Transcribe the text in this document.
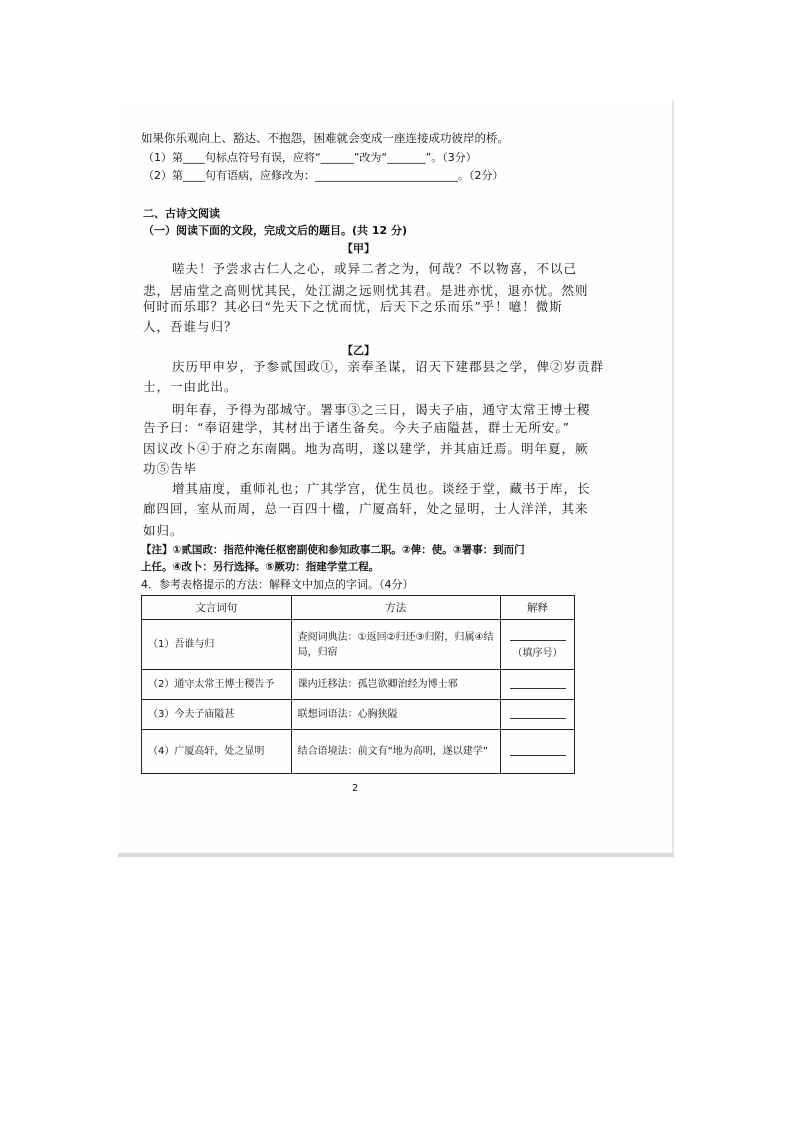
如果你乐观向上、豁达、不抱怨，困难就会变成一座连接成功彼岸的桥。
（1）第____句标点符号有误，应将“______”改为“_______”。（3分）
（2）第____句有语病，应修改为：__________________________。（2分）
二、古诗文阅读
（一）阅读下面的文段，完成文后的题目。(共 12 分)
【甲】
嗟夫！予尝求古仁人之心，或异二者之为，何哉？不以物喜，不以己
悲，居庙堂之高则忧其民，处江湖之远则忧其君。是进亦忧，退亦忧。然则
何时而乐耶？其必曰“先天下之忧而忧，后天下之乐而乐”乎！噫！微斯
人，吾谁与归？
【乙】
庆历甲申岁，予参贰国政①，亲奉圣谋，诏天下建郡县之学，俾②岁贡群
士，一由此出。
明年春，予得为邵城守。署事③之三日，谒夫子庙，通守太常王博士稷
告予曰：“奉诏建学，其材出于诸生备矣。今夫子庙隘甚，群士无所安。”
因议改卜④于府之东南隅。地为高明，遂以建学，并其庙迁焉。明年夏，厥
功⑤告毕
增其庙度，重师礼也；广其学宫，优生员也。谈经于堂，藏书于库，长
廊四回，室从而周，总一百四十楹，广厦高轩，处之显明，士人洋洋，其来
如归。
【注】①贰国政：指范仲淹任枢密副使和参知政事二职。②俾：使。③署事：到而门
上任。④改卜：另行选择。⑤厥功：指建学堂工程。
4．参考表格提示的方法：解释文中加点的字词。（4分）
文言词句	方法	解释
（1）吾谁与归	查阅词典法：①返回②归还③归附，归属④结局，归宿	（填序号）
（2）通守太常王博士稷告予	课内迁移法：孤岂欲卿治经为博士邪	
（3）今夫子庙隘甚	联想词语法：心胸狭隘	
（4）广厦高轩，处之显明	结合语境法：前文有“地为高明，遂以建学”	
2
